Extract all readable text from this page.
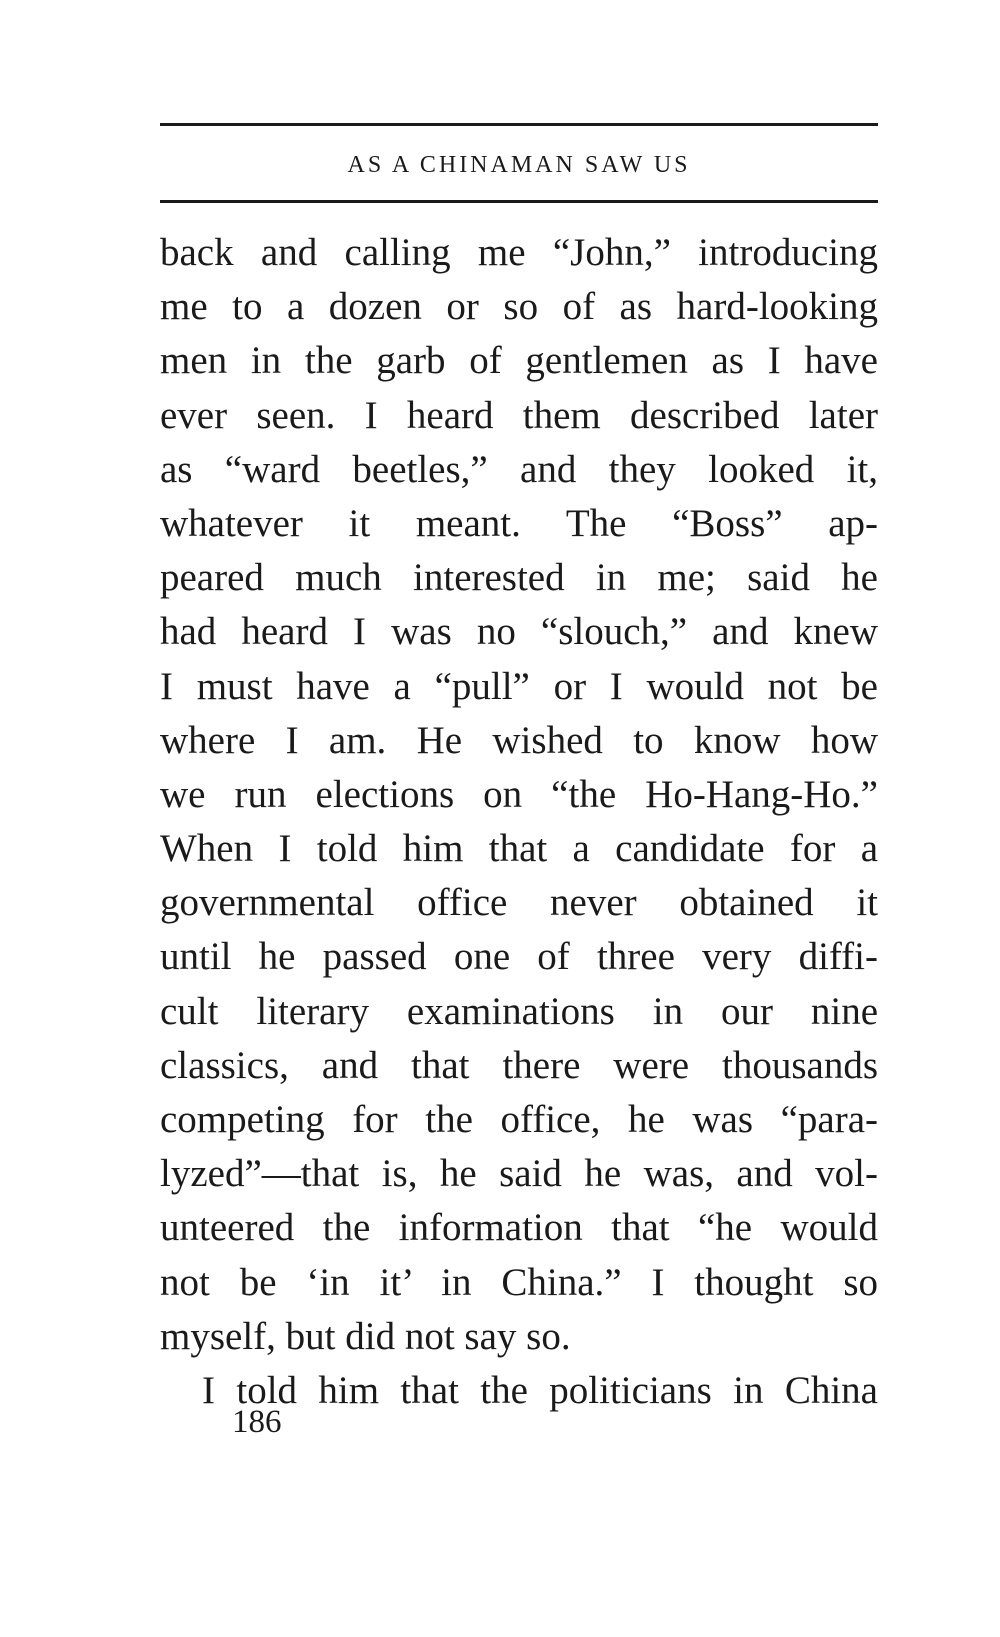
AS A CHINAMAN SAW US
back and calling me “John,” introducing
me to a dozen or so of as hard-looking
men in the garb of gentlemen as I have
ever seen. I heard them described later
as “ward beetles,” and they looked it,
whatever it meant. The “Boss” ap-
peared much interested in me; said he
had heard I was no “slouch,” and knew
I must have a “pull” or I would not be
where I am. He wished to know how
we run elections on “the Ho-Hang-Ho.”
When I told him that a candidate for a
governmental office never obtained it
until he passed one of three very diffi-
cult literary examinations in our nine
classics, and that there were thousands
competing for the office, he was “para-
lyzed”—that is, he said he was, and vol-
unteered the information that “he would
not be ‘in it’ in China.” I thought so
myself, but did not say so.
I told him that the politicians in China
186
